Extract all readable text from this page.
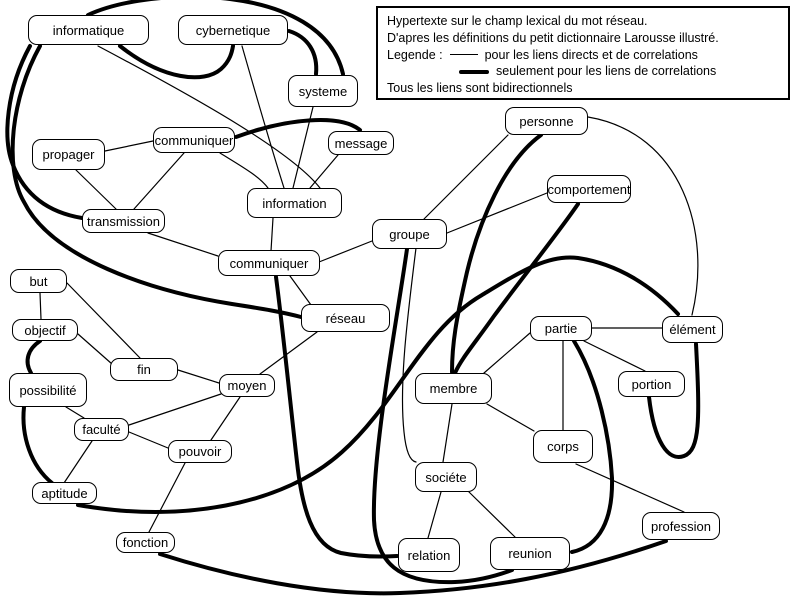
Hypertexte sur le champ lexical du mot réseau.
D'apres les définitions du petit dictionnaire Larousse illustré.
Legende :	pour les liens directs et de correlations
seulement pour les liens de correlations
Tous les liens sont bidirectionnels
informatique	cybernetique
systeme
communiquer	message
propager
information
transmission
communiquer
groupe
personne
comportement
but
objectif
possibilité
fin
réseau
moyen
faculté
pouvoir
aptitude
fonction
membre
partie	élément
portion
corps
sociéte
relation	reunion
profession
